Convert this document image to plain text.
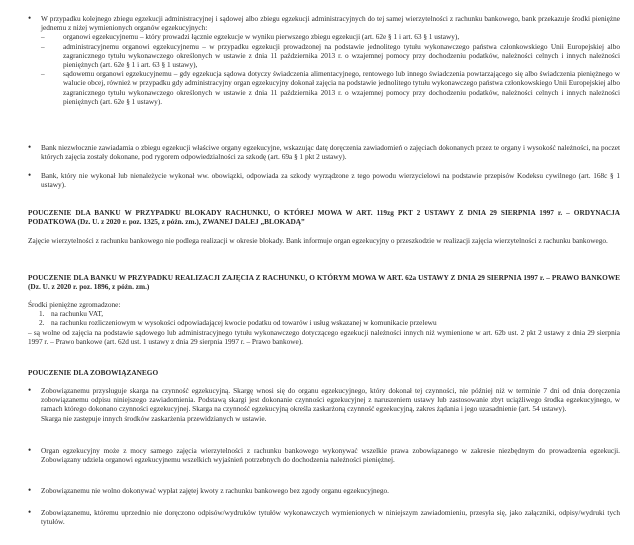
• W przypadku kolejnego zbiegu egzekucji administracyjnej i sądowej albo zbiegu egzekucji administracyjnych do tej samej wierzytelności z rachunku bankowego, bank przekazuje środki pieniężne jednemu z niżej wymienionych organów egzekucyjnych:

–	organowi egzekucyjnemu – który prowadzi łącznie egzekucje w wyniku pierwszego zbiegu egzekucji (art. 62e § 1 i art. 63 § 1 ustawy),
–	administracyjnemu organowi egzekucyjnemu – w przypadku egzekucji prowadzonej na podstawie jednolitego tytułu wykonawczego państwa członkowskiego Unii Europejskiej albo zagranicznego tytułu wykonawczego określonych w ustawie z dnia 11 października 2013 r. o wzajemnej pomocy przy dochodzeniu podatków, należności celnych i innych należności pieniężnych (art. 62e § 1 i art. 63 § 1 ustawy),
–	sądowemu organowi egzekucyjnemu – gdy egzekucja sądowa dotyczy świadczenia alimentacyjnego, rentowego lub innego świadczenia powtarzającego się albo świadczenia pieniężnego w walucie obcej, również w przypadku gdy administracyjny organ egzekucyjny dokonał zajęcia na podstawie jednolitego tytułu wykonawczego państwa członkowskiego Unii Europejskiej albo zagranicznego tytułu wykonawczego określonych w ustawie z dnia 11 października 2013 r. o wzajemnej pomocy przy dochodzeniu podatków, należności celnych i innych należności pieniężnych (art. 62e § 1 ustawy).

• Bank niezwłocznie zawiadamia o zbiegu egzekucji właściwe organy egzekucyjne, wskazując datę doręczenia zawiadomień o zajęciach dokonanych przez te organy i wysokość należności, na poczet których zajęcia zostały dokonane, pod rygorem odpowiedzialności za szkodę (art. 69a § 1 pkt 2 ustawy).

• Bank, który nie wykonał lub nienależycie wykonał ww. obowiązki, odpowiada za szkody wyrządzone z tego powodu wierzycielowi na podstawie przepisów Kodeksu cywilnego (art. 168c § 1 ustawy).

POUCZENIE DLA BANKU W PRZYPADKU BLOKADY RACHUNKU, O KTÓREJ MOWA W ART. 119zg PKT 2 USTAWY Z DNIA 29 SIERPNIA 1997 r. – ORDYNACJA PODATKOWA (Dz. U. z 2020 r. poz. 1325, z późn. zm.), ZWANEJ DALEJ „BLOKADĄ”

Zajęcie wierzytelności z rachunku bankowego nie podlega realizacji w okresie blokady. Bank informuje organ egzekucyjny o przeszkodzie w realizacji zajęcia wierzytelności z rachunku bankowego.

POUCZENIE DLA BANKU W PRZYPADKU REALIZACJI ZAJĘCIA Z RACHUNKU, O KTÓRYM MOWA W ART. 62a USTAWY Z DNIA 29 SIERPNIA 1997 r. – PRAWO BANKOWE (Dz. U. z 2020 r. poz. 1896, z późn. zm.)

Środki pieniężne zgromadzone:

1. na rachunku VAT,
2. na rachunku rozliczeniowym w wysokości odpowiadającej kwocie podatku od towarów i usług wskazanej w komunikacie przelewu

– są wolne od zajęcia na podstawie sądowego lub administracyjnego tytułu wykonawczego dotyczącego egzekucji należności innych niż wymienione w art. 62b ust. 2 pkt 2 ustawy z dnia 29 sierpnia 1997 r. – Prawo bankowe (art. 62d ust. 1 ustawy z dnia 29 sierpnia 1997 r. – Prawo bankowe).

POUCZENIE DLA ZOBOWIĄZANEGO

• Zobowiązanemu przysługuje skarga na czynność egzekucyjną. Skargę wnosi się do organu egzekucyjnego, który dokonał tej czynności, nie później niż w terminie 7 dni od dnia doręczenia zobowiązanemu odpisu niniejszego zawiadomienia. Podstawą skargi jest dokonanie czynności egzekucyjnej z naruszeniem ustawy lub zastosowanie zbyt uciążliwego środka egzekucyjnego, w ramach którego dokonano czynności egzekucyjnej. Skarga na czynność egzekucyjną określa zaskarżoną czynność egzekucyjną, zakres żądania i jego uzasadnienie (art. 54 ustawy).

Skarga nie zastępuje innych środków zaskarżenia przewidzianych w ustawie.

• Organ egzekucyjny może z mocy samego zajęcia wierzytelności z rachunku bankowego wykonywać wszelkie prawa zobowiązanego w zakresie niezbędnym do prowadzenia egzekucji. Zobowiązany udziela organowi egzekucyjnemu wszelkich wyjaśnień potrzebnych do dochodzenia należności pieniężnej.

• Zobowiązanemu nie wolno dokonywać wypłat zajętej kwoty z rachunku bankowego bez zgody organu egzekucyjnego.

• Zobowiązanemu, któremu uprzednio nie doręczono odpisów/wydruków tytułów wykonawczych wymienionych w niniejszym zawiadomieniu, przesyła się, jako załączniki, odpisy/wydruki tych tytułów.
